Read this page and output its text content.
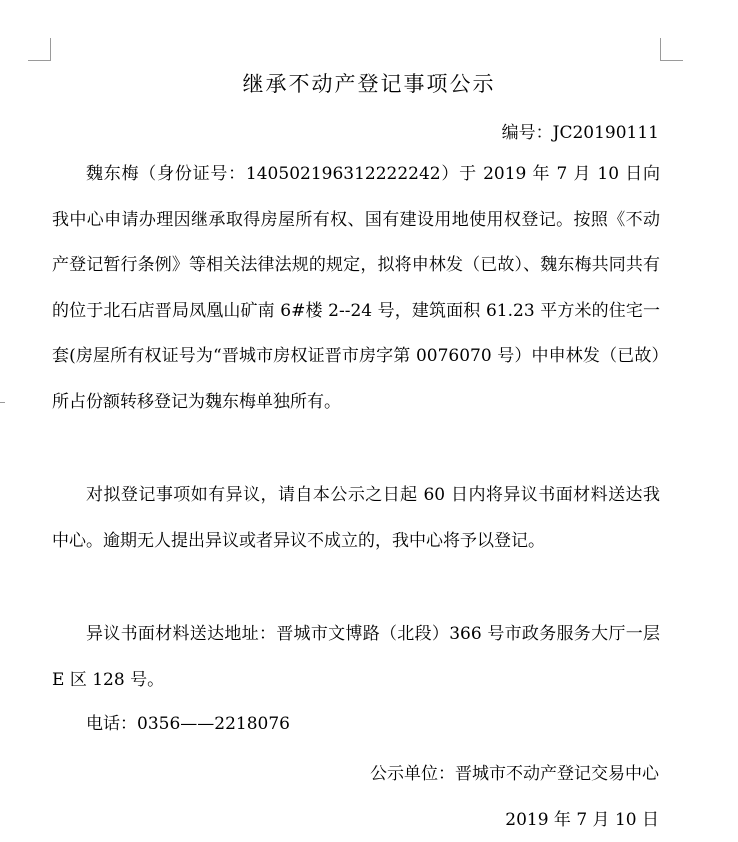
继承不动产登记事项公示
编号：JC20190111

魏东梅（身份证号：140502196312222242）于 2019 年 7 月 10 日向我中心申请办理因继承取得房屋所有权、国有建设用地使用权登记。按照《不动产登记暂行条例》等相关法律法规的规定，拟将申林发（已故）、魏东梅共同共有的位于北石店晋局凤凰山矿南 6#楼 2--24 号，建筑面积 61.23 平方米的住宅一套(房屋所有权证号为“晋城市房权证晋市房字第 0076070 号）中申林发（已故）所占份额转移登记为魏东梅单独所有。

对拟登记事项如有异议，请自本公示之日起 60 日内将异议书面材料送达我中心。逾期无人提出异议或者异议不成立的，我中心将予以登记。

异议书面材料送达地址：晋城市文博路（北段）366 号市政务服务大厅一层 E 区 128 号。

电话：0356——2218076
公示单位：晋城市不动产登记交易中心
2019 年 7 月 10 日
